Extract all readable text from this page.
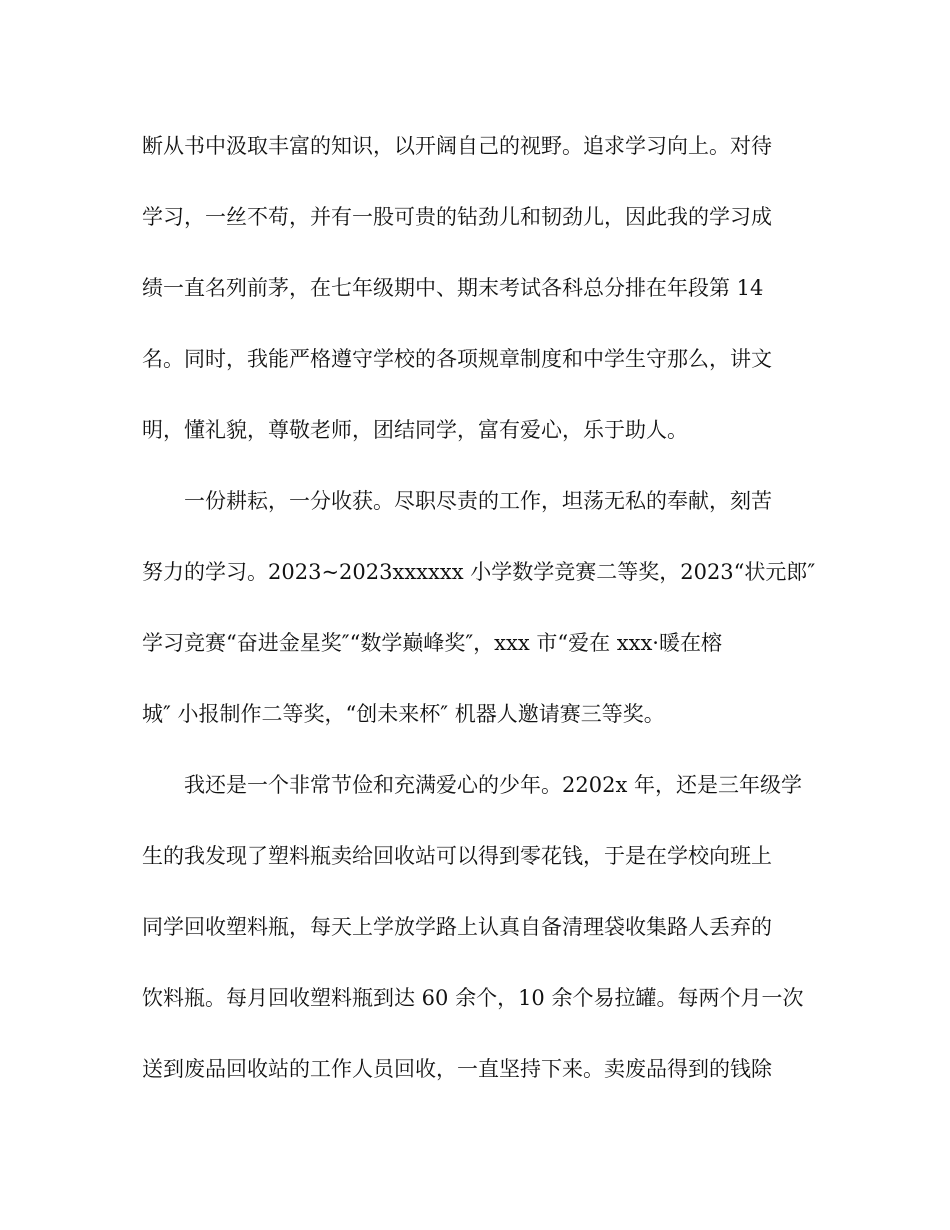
断从书中汲取丰富的知识，以开阔自己的视野。追求学习向上。对待
学习，一丝不苟，并有一股可贵的钻劲儿和韧劲儿，因此我的学习成
绩一直名列前茅，在七年级期中、期末考试各科总分排在年段第 14
名。同时，我能严格遵守学校的各项规章制度和中学生守那么，讲文
明，懂礼貌，尊敬老师，团结同学，富有爱心，乐于助人。
一份耕耘，一分收获。尽职尽责的工作，坦荡无私的奉献，刻苦
努力的学习。2023~2023xxxxxx 小学数学竞赛二等奖，2023“状元郎″
学习竞赛“奋进金星奖″“数学巅峰奖″，xxx 市“爱在 xxx·暖在榕
城″ 小报制作二等奖，“创未来杯″ 机器人邀请赛三等奖。
我还是一个非常节俭和充满爱心的少年。2202x 年，还是三年级学
生的我发现了塑料瓶卖给回收站可以得到零花钱，于是在学校向班上
同学回收塑料瓶，每天上学放学路上认真自备清理袋收集路人丢弃的
饮料瓶。每月回收塑料瓶到达 60 余个，10 余个易拉罐。每两个月一次
送到废品回收站的工作人员回收，一直坚持下来。卖废品得到的钱除
